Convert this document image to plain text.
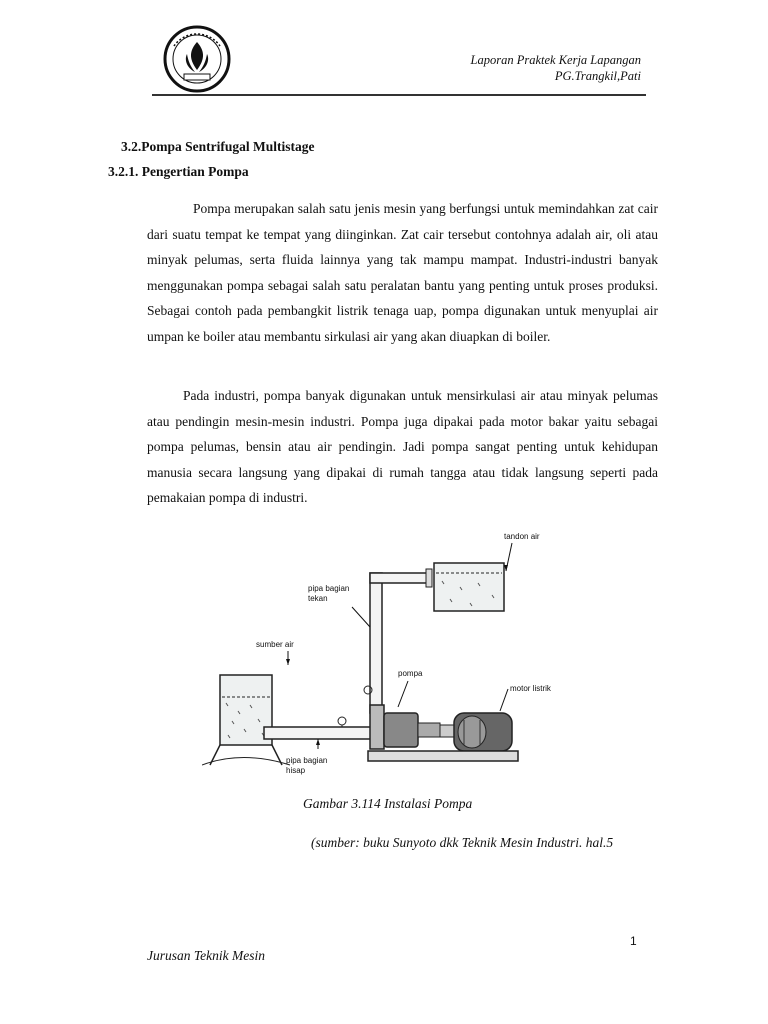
Laporan Praktek Kerja Lapangan
PG.Trangkil,Pati
3.2.Pompa Sentrifugal Multistage
3.2.1. Pengertian Pompa
Pompa merupakan salah satu jenis mesin yang berfungsi untuk memindahkan zat cair dari suatu tempat ke tempat yang diinginkan. Zat cair tersebut contohnya adalah air, oli atau minyak pelumas, serta fluida lainnya yang tak mampu mampat. Industri-industri banyak menggunakan pompa sebagai salah satu peralatan bantu yang penting untuk proses produksi. Sebagai contoh pada pembangkit listrik tenaga uap, pompa digunakan untuk menyuplai air umpan ke boiler atau membantu sirkulasi air yang akan diuapkan di boiler.
Pada industri, pompa banyak digunakan untuk mensirkulasi air atau minyak pelumas atau pendingin mesin-mesin industri. Pompa juga dipakai pada motor bakar yaitu sebagai pompa pelumas, bensin atau air pendingin. Jadi pompa sangat penting untuk kehidupan manusia secara langsung yang dipakai di rumah tangga atau tidak langsung seperti pada pemakaian pompa di industri.
tandon air
pipa bagian
tekan
sumber air
pompa
motor listrik
pipa bagian
hisap
Gambar 3.114 Instalasi Pompa
(sumber: buku Sunyoto dkk Teknik Mesin Industri. hal.5
1
Jurusan Teknik Mesin
